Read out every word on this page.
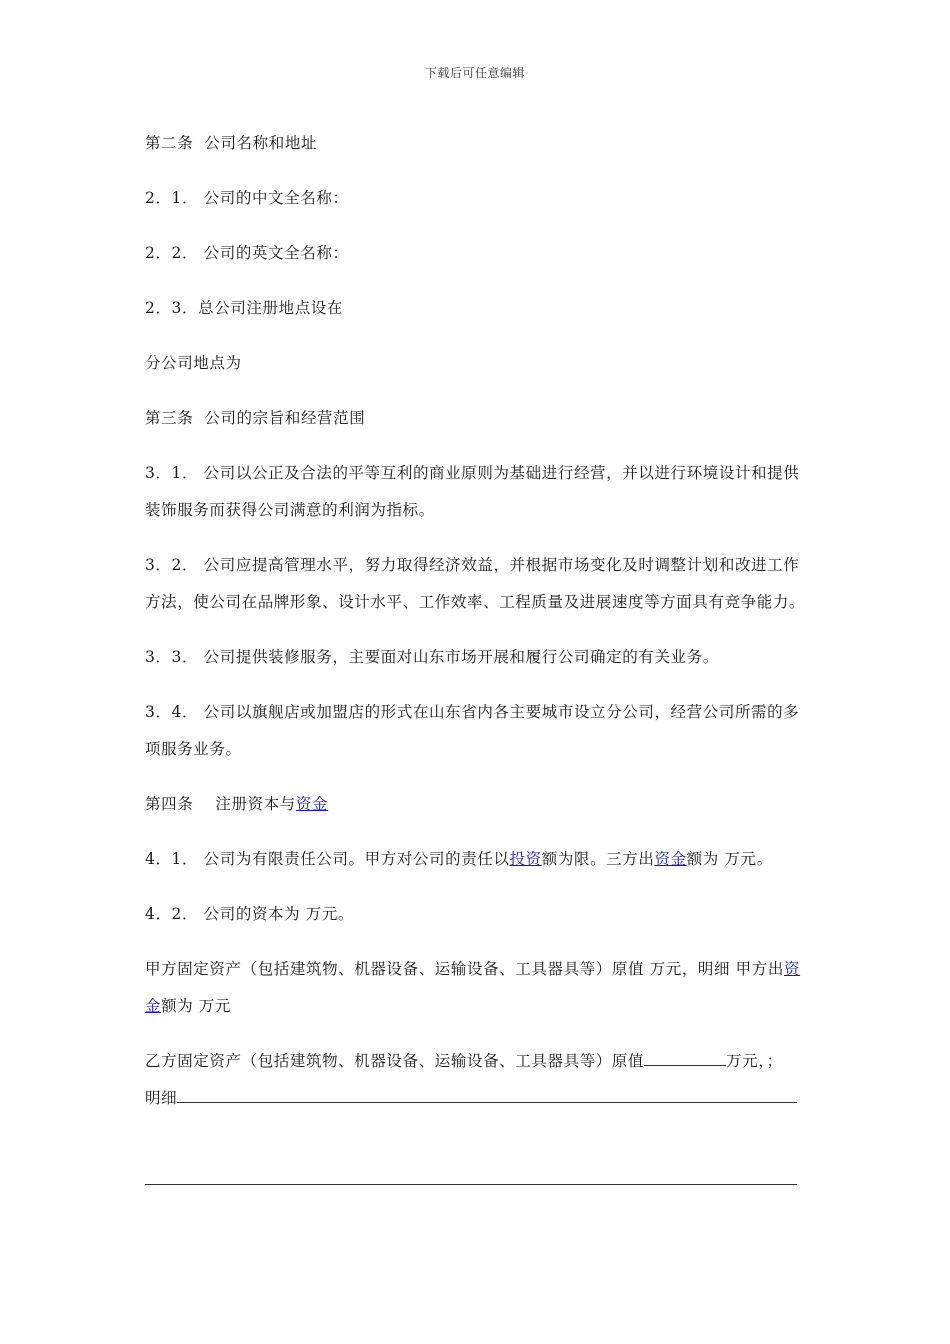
下载后可任意编辑

第二条  公司名称和地址

2．1． 公司的中文全名称：

2．2． 公司的英文全名称：

2．3．总公司注册地点设在

分公司地点为

第三条  公司的宗旨和经营范围

3．1． 公司以公正及合法的平等互利的商业原则为基础进行经营，并以进行环境设计和提供装饰服务而获得公司满意的利润为指标。

3．2． 公司应提高管理水平，努力取得经济效益，并根据市场变化及时调整计划和改进工作方法，使公司在品牌形象、设计水平、工作效率、工程质量及进展速度等方面具有竞争能力。

3．3． 公司提供装修服务，主要面对山东市场开展和履行公司确定的有关业务。

3．4． 公司以旗舰店或加盟店的形式在山东省内各主要城市设立分公司，经营公司所需的多项服务业务。

第四条    注册资本与资金

4．1． 公司为有限责任公司。甲方对公司的责任以投资额为限。三方出资金额为 万元。

4．2． 公司的资本为 万元。

甲方固定资产（包括建筑物、机器设备、运输设备、工具器具等）原值 万元，明细 甲方出资金额为 万元

乙方固定资产（包括建筑物、机器设备、运输设备、工具器具等）原值	万元，；
明细
